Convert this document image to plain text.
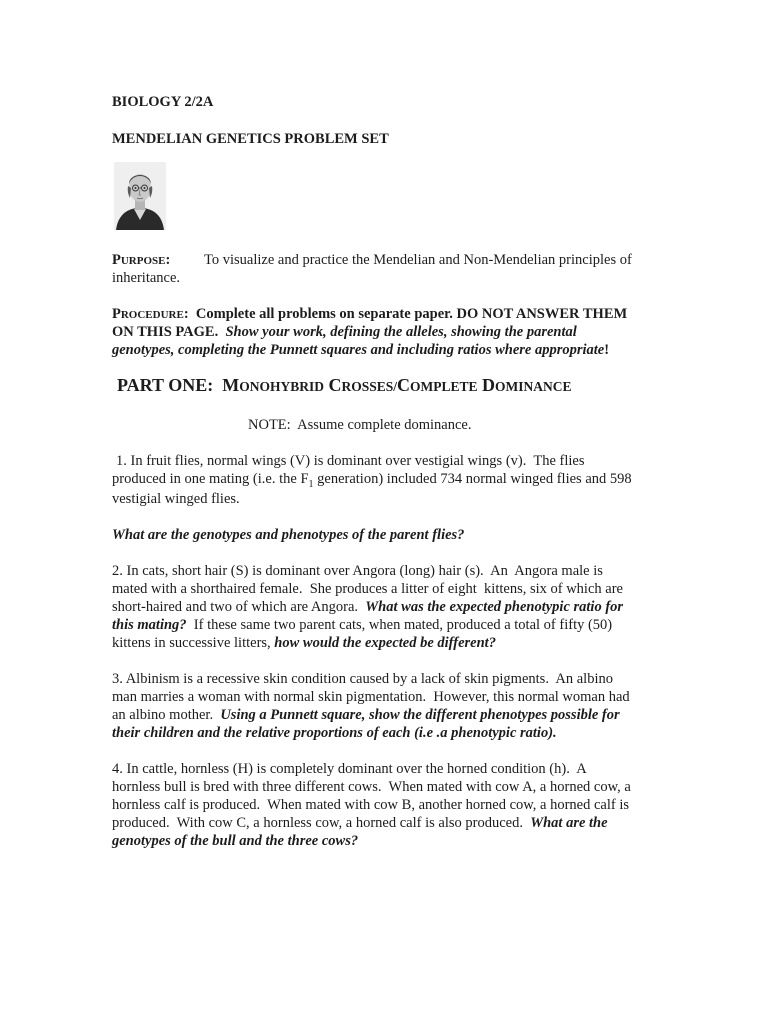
BIOLOGY 2/2A
MENDELIAN GENETICS PROBLEM SET
PURPOSE: To visualize and practice the Mendelian and Non-Mendelian principles of
inheritance.
PROCEDURE: Complete all problems on separate paper. DO NOT ANSWER THEM
ON THIS PAGE. Show your work, defining the alleles, showing the parental
genotypes, completing the Punnett squares and including ratios where appropriate!
PART ONE: MONOHYBRID CROSSES/COMPLETE DOMINANCE
NOTE:  Assume complete dominance.
1. In fruit flies, normal wings (V) is dominant over vestigial wings (v).  The flies
produced in one mating (i.e. the $F_1$ generation) included 734 normal winged flies and 598
vestigial winged flies.
What are the genotypes and phenotypes of the parent flies?
2. In cats, short hair (S) is dominant over Angora (long) hair (s).  An  Angora male is
mated with a shorthaired female.  She produces a litter of eight  kittens, six of which are
short-haired and two of which are Angora.  What was the expected phenotypic ratio for
this mating?  If these same two parent cats, when mated, produced a total of fifty (50)
kittens in successive litters, how would the expected be different?
3. Albinism is a recessive skin condition caused by a lack of skin pigments.  An albino
man marries a woman with normal skin pigmentation.  However, this normal woman had
an albino mother.  Using a Punnett square, show the different phenotypes possible for
their children and the relative proportions of each (i.e .a phenotypic ratio).
4. In cattle, hornless (H) is completely dominant over the horned condition (h).  A
hornless bull is bred with three different cows.  When mated with cow A, a horned cow, a
hornless calf is produced.  When mated with cow B, another horned cow, a horned calf is
produced.  With cow C, a hornless cow, a horned calf is also produced.  What are the
genotypes of the bull and the three cows?
